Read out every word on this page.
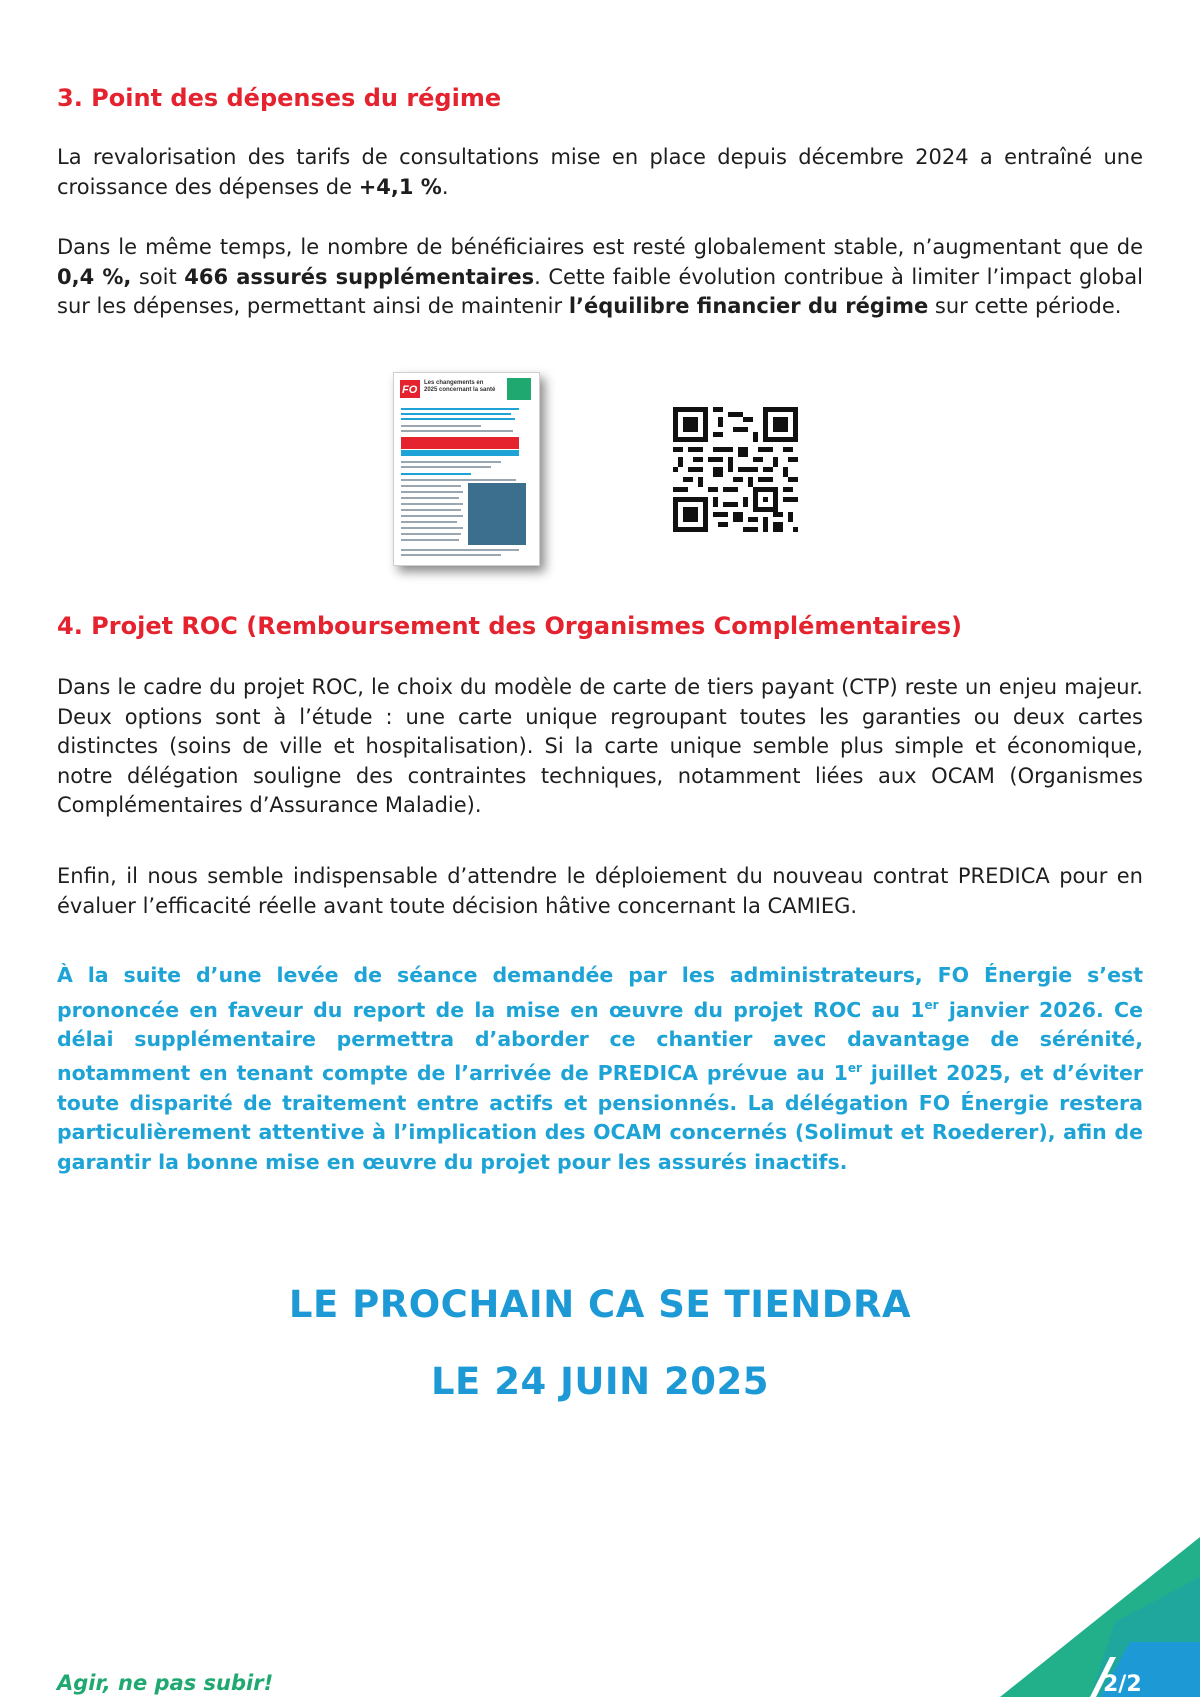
3. Point des dépenses du régime

La revalorisation des tarifs de consultations mise en place depuis décembre 2024 a entraîné une croissance des dépenses de +4,1 %.

Dans le même temps, le nombre de bénéficiaires est resté globalement stable, n’augmentant que de 0,4 %, soit 466 assurés supplémentaires. Cette faible évolution contribue à limiter l’impact global sur les dépenses, permettant ainsi de maintenir l’équilibre financier du régime sur cette période.

4. Projet ROC (Remboursement des Organismes Complémentaires)

Dans le cadre du projet ROC, le choix du modèle de carte de tiers payant (CTP) reste un enjeu majeur. Deux options sont à l’étude : une carte unique regroupant toutes les garanties ou deux cartes distinctes (soins de ville et hospitalisation). Si la carte unique semble plus simple et économique, notre délégation souligne des contraintes techniques, notamment liées aux OCAM (Organismes Complémentaires d’Assurance Maladie).

Enfin, il nous semble indispensable d’attendre le déploiement du nouveau contrat PREDICA pour en évaluer l’efficacité réelle avant toute décision hâtive concernant la CAMIEG.

À la suite d’une levée de séance demandée par les administrateurs, FO Énergie s’est prononcée en faveur du report de la mise en œuvre du projet ROC au 1er janvier 2026. Ce délai supplémentaire permettra d’aborder ce chantier avec davantage de sérénité, notamment en tenant compte de l’arrivée de PREDICA prévue au 1er juillet 2025, et d’éviter toute disparité de traitement entre actifs et pensionnés. La délégation FO Énergie restera particulièrement attentive à l’implication des OCAM concernés (Solimut et Roederer), afin de garantir la bonne mise en œuvre du projet pour les assurés inactifs.

FO
Les changements en 2025 concernant la santé
LE PROCHAIN CA SE TIENDRA
LE 24 JUIN 2025
Agir, ne pas subir!	2/2
